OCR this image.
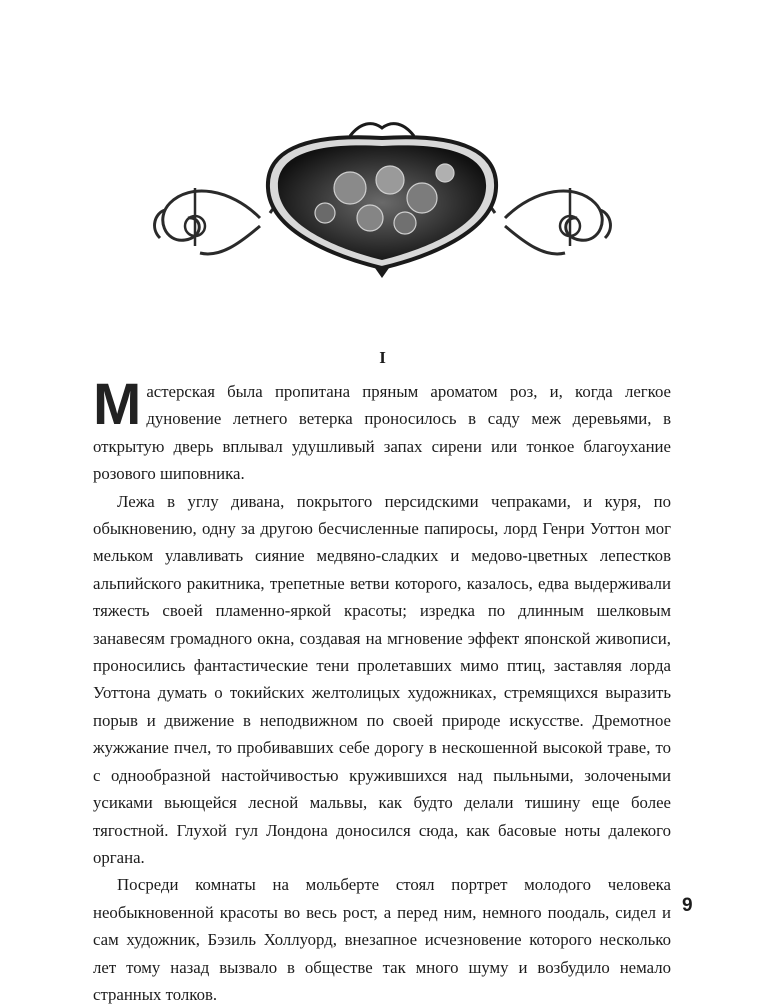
I

Мастерская была пропитана пряным ароматом роз, и, когда легкое дуновение летнего ветерка проносилось в саду меж деревьями, в открытую дверь вплывал удушливый запах сирени или тонкое благоухание розового шиповника.

Лежа в углу дивана, покрытого персидскими чепраками, и куря, по обыкновению, одну за другою бесчисленные папиросы, лорд Генри Уоттон мог мельком улавливать сияние медвяно-сладких и медово-цветных лепестков альпийского ракитника, трепетные ветви которого, казалось, едва выдерживали тяжесть своей пламенно-яркой красоты; изредка по длинным шелковым занавесям громадного окна, создавая на мгновение эффект японской живописи, проносились фантастические тени пролетавших мимо птиц, заставляя лорда Уоттона думать о токийских желтолицых художниках, стремящихся выразить порыв и движение в неподвижном по своей природе искусстве. Дремотное жужжание пчел, то пробивавших себе дорогу в нескошенной высокой траве, то с однообразной настойчивостью кружившихся над пыльными, золочеными усиками вьющейся лесной мальвы, как будто делали тишину еще более тягостной. Глухой гул Лондона доносился сюда, как басовые ноты далекого органа.

Посреди комнаты на мольберте стоял портрет молодого человека необыкновенной красоты во весь рост, а перед ним, немного поодаль, сидел и сам художник, Бэзиль Холлуорд, внезапное исчезновение которого несколько лет тому назад вызвало в обществе так много шуму и возбудило немало странных толков.

9
